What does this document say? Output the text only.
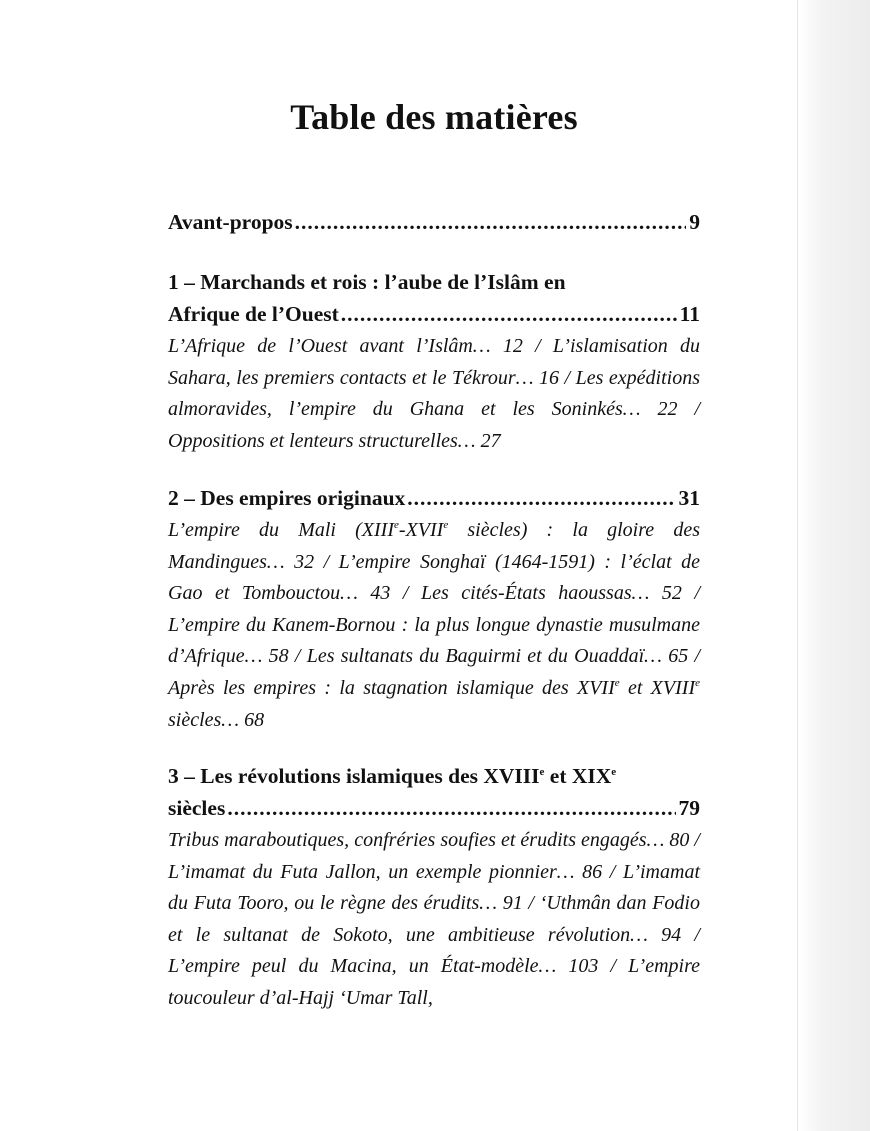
Table des matières
Avant-propos .....	9
1 – Marchands et rois : l’aube de l’Islâm en
Afrique de l’Ouest .....	11
L’Afrique de l’Ouest avant l’Islâm… 12 / L’islamisation du Sahara, les premiers contacts et le Tékrour… 16 / Les expéditions almoravides, l’empire du Ghana et les Soninkés… 22 / Oppositions et lenteurs structurelles… 27
2 – Des empires originaux .....	31
L’empire du Mali (XIIIe-XVIIe siècles) : la gloire des Mandingues… 32 / L’empire Songhaï (1464-1591) : l’éclat de Gao et Tombouctou… 43 / Les cités-États haoussas… 52 / L’empire du Kanem-Bornou : la plus longue dynastie musulmane d’Afrique… 58 / Les sultanats du Baguirmi et du Ouaddaï… 65 / Après les empires : la stagnation islamique des XVIIe et XVIIIe siècles… 68
3 – Les révolutions islamiques des XVIIIe et XIXe
siècles .....	79
Tribus maraboutiques, confréries soufies et érudits engagés… 80 / L’imamat du Futa Jallon, un exemple pionnier… 86 / L’imamat du Futa Tooro, ou le règne des érudits… 91 / ‘Uthmân dan Fodio et le sultanat de Sokoto, une ambitieuse révolution… 94 / L’empire peul du Macina, un État-modèle… 103 / L’empire toucouleur d’al-Hajj ‘Umar Tall,
